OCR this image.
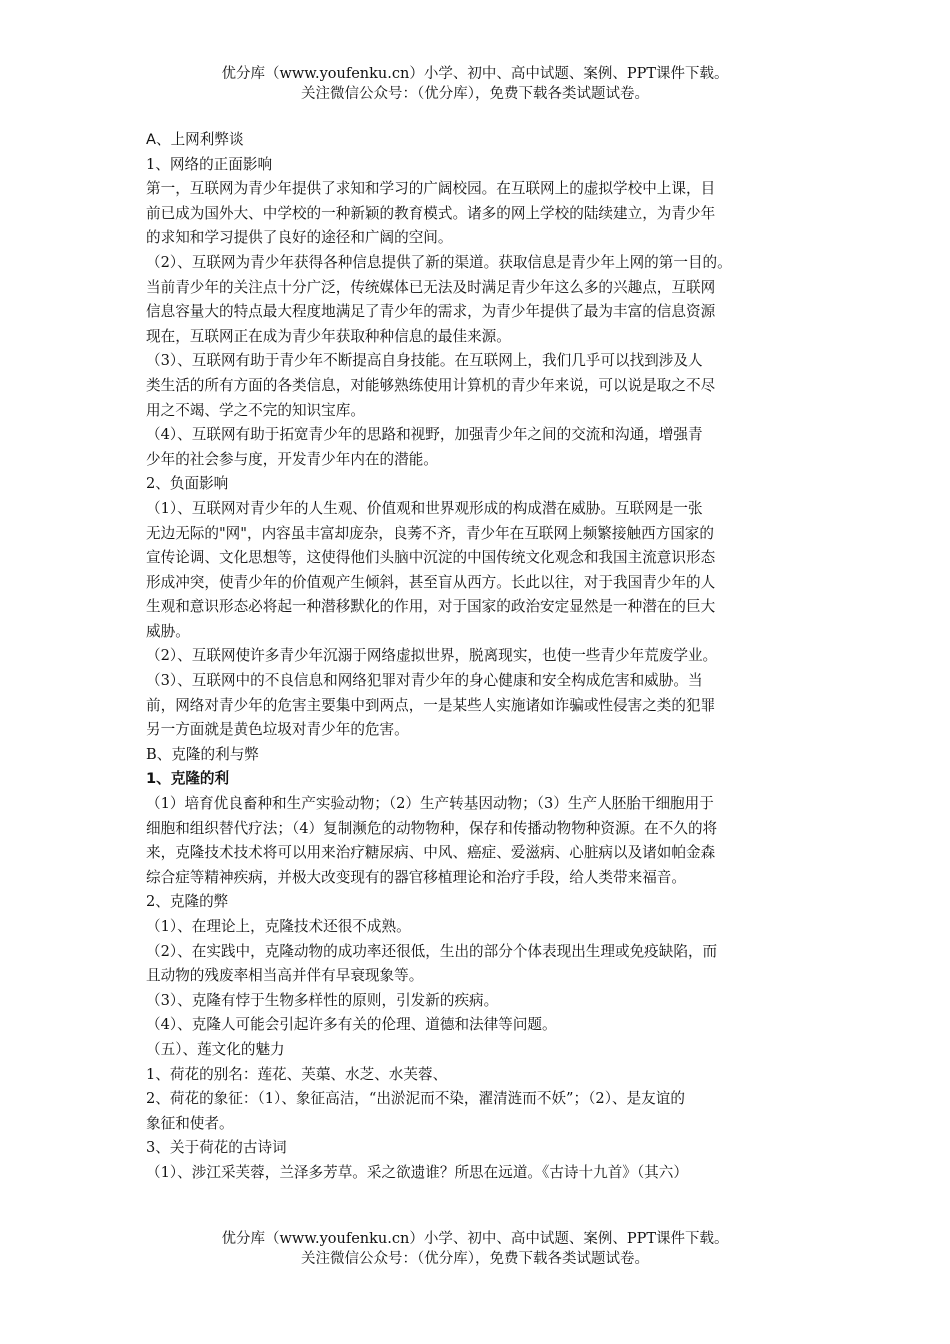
优分库（www.youfenku.cn）小学、初中、高中试题、案例、PPT课件下载。
关注微信公众号：（优分库），免费下载各类试题试卷。

A、上网利弊谈

1、网络的正面影响

第一，互联网为青少年提供了求知和学习的广阔校园。在互联网上的虚拟学校中上课，目

前已成为国外大、中学校的一种新颖的教育模式。诸多的网上学校的陆续建立，为青少年

的求知和学习提供了良好的途径和广阔的空间。

（2）、互联网为青少年获得各种信息提供了新的渠道。获取信息是青少年上网的第一目的。

当前青少年的关注点十分广泛，传统媒体已无法及时满足青少年这么多的兴趣点，互联网

信息容量大的特点最大程度地满足了青少年的需求，为青少年提供了最为丰富的信息资源

现在，互联网正在成为青少年获取种种信息的最佳来源。

（3）、互联网有助于青少年不断提高自身技能。在互联网上，我们几乎可以找到涉及人

类生活的所有方面的各类信息，对能够熟练使用计算机的青少年来说，可以说是取之不尽

用之不竭、学之不完的知识宝库。

（4）、互联网有助于拓宽青少年的思路和视野，加强青少年之间的交流和沟通，增强青

少年的社会参与度，开发青少年内在的潜能。

2、负面影响

（1）、互联网对青少年的人生观、价值观和世界观形成的构成潜在威胁。互联网是一张

无边无际的"网"，内容虽丰富却庞杂，良莠不齐，青少年在互联网上频繁接触西方国家的

宣传论调、文化思想等，这使得他们头脑中沉淀的中国传统文化观念和我国主流意识形态

形成冲突，使青少年的价值观产生倾斜，甚至盲从西方。长此以往，对于我国青少年的人

生观和意识形态必将起一种潜移默化的作用，对于国家的政治安定显然是一种潜在的巨大

威胁。

（2）、互联网使许多青少年沉溺于网络虚拟世界，脱离现实，也使一些青少年荒废学业。

（3）、互联网中的不良信息和网络犯罪对青少年的身心健康和安全构成危害和威胁。当

前，网络对青少年的危害主要集中到两点，一是某些人实施诸如诈骗或性侵害之类的犯罪

另一方面就是黄色垃圾对青少年的危害。

B、克隆的利与弊

1、克隆的利

（1）培育优良畜种和生产实验动物；（2）生产转基因动物；（3）生产人胚胎干细胞用于

细胞和组织替代疗法；（4）复制濒危的动物物种，保存和传播动物物种资源。在不久的将

来，克隆技术技术将可以用来治疗糖尿病、中风、癌症、爱滋病、心脏病以及诸如帕金森

综合症等精神疾病，并极大改变现有的器官移植理论和治疗手段，给人类带来福音。

2、克隆的弊

（1）、在理论上，克隆技术还很不成熟。

（2）、在实践中，克隆动物的成功率还很低，生出的部分个体表现出生理或免疫缺陷，而

且动物的残废率相当高并伴有早衰现象等。

（3）、克隆有悖于生物多样性的原则，引发新的疾病。

（4）、克隆人可能会引起许多有关的伦理、道德和法律等问题。

（五）、莲文化的魅力

1、荷花的别名：莲花、芙蕖、水芝、水芙蓉、

2、荷花的象征：（1）、象征高洁，“出淤泥而不染，濯清涟而不妖”；（2）、是友谊的

象征和使者。

3、关于荷花的古诗词

（1）、涉江采芙蓉，兰泽多芳草。采之欲遗谁？所思在远道。《古诗十九首》（其六）

优分库（www.youfenku.cn）小学、初中、高中试题、案例、PPT课件下载。
关注微信公众号：（优分库），免费下载各类试题试卷。
